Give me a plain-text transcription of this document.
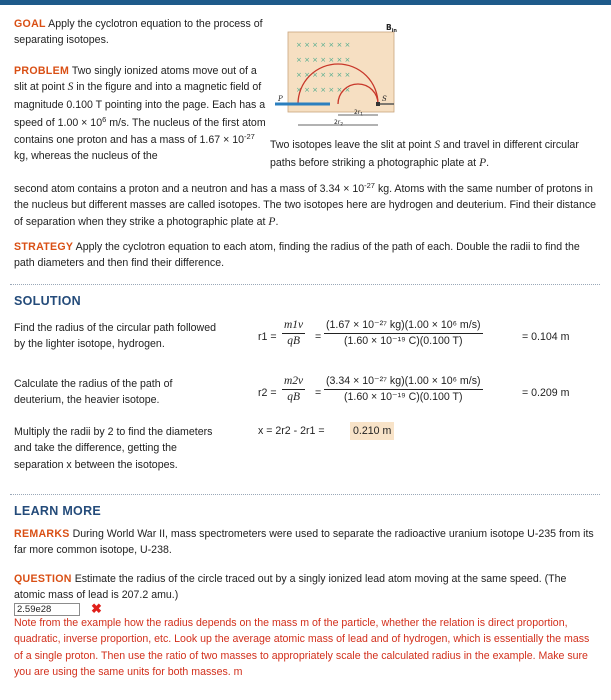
GOAL Apply the cyclotron equation to the process of separating isotopes.
PROBLEM Two singly ionized atoms move out of a slit at point S in the figure and into a magnetic field of magnitude 0.100 T pointing into the page. Each has a speed of $1.00 \times 10^6$ m/s. The nucleus of the first atom contains one proton and has a mass of $1.67 \times 10^{-27}$ kg, whereas the nucleus of the
× × × × × × ×
× × × × × × ×
× × × × × × ×
× × × × × × ×
$B_{in}$
P	S
$2r_1$
$2r_2$
Two isotopes leave the slit at point S and travel in different circular paths before striking a photographic plate at P.
second atom contains a proton and a neutron and has a mass of $3.34 \times 10^{-27}$ kg. Atoms with the same number of protons in the nucleus but different masses are called isotopes. The two isotopes here are hydrogen and deuterium. Find their distance of separation when they strike a photographic plate at P.
STRATEGY Apply the cyclotron equation to each atom, finding the radius of the path of each. Double the radii to find the path diameters and then find their difference.
SOLUTION
Find the radius of the circular path followed by the lighter isotope, hydrogen.
$r1 = \frac{m1v}{qB} = \frac{\text{(1.67 × 10⁻²⁷ kg)(1.00 × 10⁶ m/s)}}{\text{(1.60 × 10⁻¹⁹ C)(0.100 T)}}$	= 0.104 m
Calculate the radius of the path of deuterium, the heavier isotope.
$r2 = \frac{m2v}{qB} = \frac{\text{(3.34 × 10⁻²⁷ kg)(1.00 × 10⁶ m/s)}}{\text{(1.60 × 10⁻¹⁹ C)(0.100 T)}}$	= 0.209 m
Multiply the radii by 2 to find the diameters and take the difference, getting the separation x between the isotopes.
x = 2r2 - 2r1 =	0.210 m
LEARN MORE
REMARKS During World War II, mass spectrometers were used to separate the radioactive uranium isotope U-235 from its far more common isotope, U-238.
QUESTION Estimate the radius of the circle traced out by a singly ionized lead atom moving at the same speed. (The atomic mass of lead is 207.2 amu.)
2.59e28	✖
Note from the example how the radius depends on the mass m of the particle, whether the relation is direct proportion, quadratic, inverse proportion, etc. Look up the average atomic mass of lead and of hydrogen, which is essentially the mass of a single proton. Then use the ratio of two masses to appropriately scale the calculated radius in the example. Make sure you are using the same units for both masses. m
